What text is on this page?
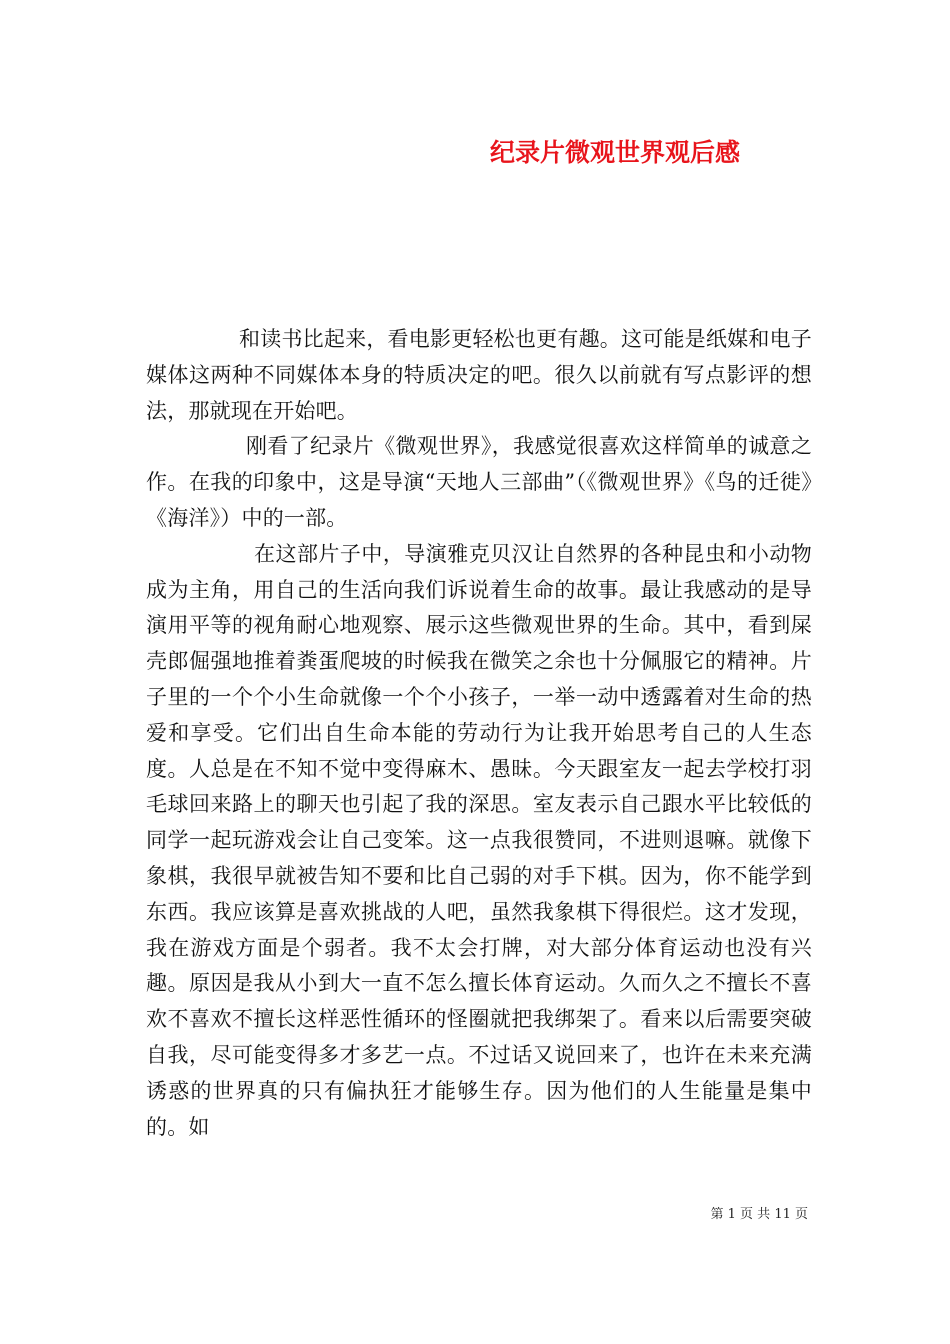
纪录片微观世界观后感

和读书比起来，看电影更轻松也更有趣。这可能是纸媒和电子媒体这两种不同媒体本身的特质决定的吧。很久以前就有写点影评的想法，那就现在开始吧。

刚看了纪录片《微观世界》，我感觉很喜欢这样简单的诚意之作。在我的印象中，这是导演“天地人三部曲”（《微观世界》《鸟的迁徙》《海洋》）中的一部。

在这部片子中，导演雅克贝汉让自然界的各种昆虫和小动物成为主角，用自己的生活向我们诉说着生命的故事。最让我感动的是导演用平等的视角耐心地观察、展示这些微观世界的生命。其中，看到屎壳郎倔强地推着粪蛋爬坡的时候我在微笑之余也十分佩服它的精神。片子里的一个个小生命就像一个个小孩子，一举一动中透露着对生命的热爱和享受。它们出自生命本能的劳动行为让我开始思考自己的人生态度。人总是在不知不觉中变得麻木、愚昧。今天跟室友一起去学校打羽毛球回来路上的聊天也引起了我的深思。室友表示自己跟水平比较低的同学一起玩游戏会让自己变笨。这一点我很赞同，不进则退嘛。就像下象棋，我很早就被告知不要和比自己弱的对手下棋。因为，你不能学到东西。我应该算是喜欢挑战的人吧，虽然我象棋下得很烂。这才发现，我在游戏方面是个弱者。我不太会打牌，对大部分体育运动也没有兴趣。原因是我从小到大一直不怎么擅长体育运动。久而久之不擅长不喜欢不喜欢不擅长这样恶性循环的怪圈就把我绑架了。看来以后需要突破自我，尽可能变得多才多艺一点。不过话又说回来了，也许在未来充满诱惑的世界真的只有偏执狂才能够生存。因为他们的人生能量是集中的。如

第 1 页 共 11 页
